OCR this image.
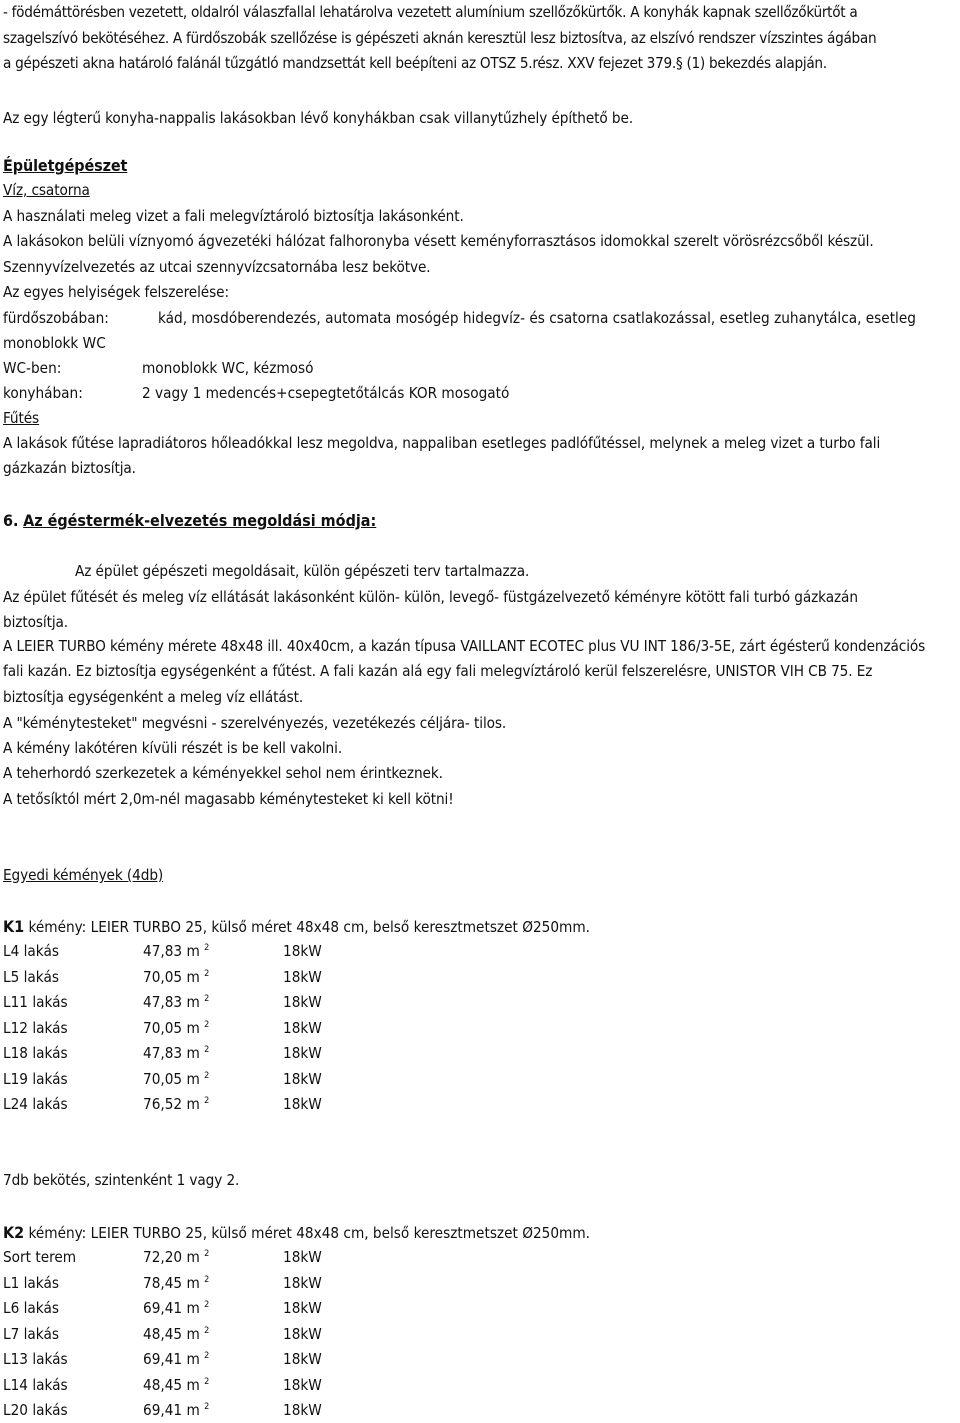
- födémáttörésben vezetett, oldalról válaszfallal lehatárolva vezetett alumínium szellőzőkürtők. A konyhák kapnak szellőzőkürtőt a

szagelszívó bekötéséhez. A fürdőszobák szellőzése is gépészeti aknán keresztül lesz biztosítva, az elszívó rendszer vízszintes ágában

a gépészeti akna határoló falánál tűzgátló mandzsettát kell beépíteni az OTSZ 5.rész. XXV fejezet 379.§ (1) bekezdés alapján.

Az egy légterű konyha-nappalis lakásokban lévő konyhákban csak villanytűzhely építhető be.

Épületgépészet

Víz, csatorna

A használati meleg vizet a fali melegvíztároló biztosítja lakásonként.

A lakásokon belüli víznyomó ágvezetéki hálózat falhoronyba vésett keményforrasztásos idomokkal szerelt vörösrézcsőből készül.

Szennyvízelvezetés az utcai szennyvízcsatornába lesz bekötve.

Az egyes helyiségek felszerelése:

fürdőszobában:	kád, mosdóberendezés, automata mosógép hidegvíz- és csatorna csatlakozással, esetleg zuhanytálca, esetleg
monoblokk WC
WC-ben:	monoblokk WC, kézmosó
konyhában:	2 vagy 1 medencés+csepegtetőtálcás KOR mosogató

Fűtés

A lakások fűtése lapradiátoros hőleadókkal lesz megoldva, nappaliban esetleges padlófűtéssel, melynek a meleg vizet a turbo fali

gázkazán biztosítja.

6. Az égéstermék-elvezetés megoldási módja:

Az épület gépészeti megoldásait, külön gépészeti terv tartalmazza.

Az épület fűtését és meleg víz ellátását lakásonként külön- külön, levegő- füstgázelvezető kéményre kötött fali turbó gázkazán

biztosítja.

A LEIER TURBO kémény mérete 48x48 ill. 40x40cm, a kazán típusa VAILLANT ECOTEC plus VU INT 186/3-5E, zárt égésterű kondenzációs

fali kazán. Ez biztosítja egységenként a fűtést. A fali kazán alá egy fali melegvíztároló kerül felszerelésre, UNISTOR VIH CB 75. Ez

biztosítja egységenként a meleg víz ellátást.

A "kéménytesteket" megvésni - szerelvényezés, vezetékezés céljára- tilos.

A kémény lakótéren kívüli részét is be kell vakolni.

A teherhordó szerkezetek a kéményekkel sehol nem érintkeznek.

A tetősíktól mért 2,0m-nél magasabb kéménytesteket ki kell kötni!

Egyedi kémények (4db)

K1 kémény: LEIER TURBO 25, külső méret 48x48 cm, belső keresztmetszet Ø250mm.
L4 lakás	47,83 m $^2$	18kW
L5 lakás	70,05 m $^2$	18kW
L11 lakás	47,83 m $^2$	18kW
L12 lakás	70,05 m $^2$	18kW
L18 lakás	47,83 m $^2$	18kW
L19 lakás	70,05 m $^2$	18kW
L24 lakás	76,52 m $^2$	18kW

7db bekötés, szintenként 1 vagy 2.

K2 kémény: LEIER TURBO 25, külső méret 48x48 cm, belső keresztmetszet Ø250mm.
Sort terem	72,20 m $^2$	18kW
L1 lakás	78,45 m $^2$	18kW
L6 lakás	69,41 m $^2$	18kW
L7 lakás	48,45 m $^2$	18kW
L13 lakás	69,41 m $^2$	18kW
L14 lakás	48,45 m $^2$	18kW
L20 lakás	69,41 m $^2$	18kW
